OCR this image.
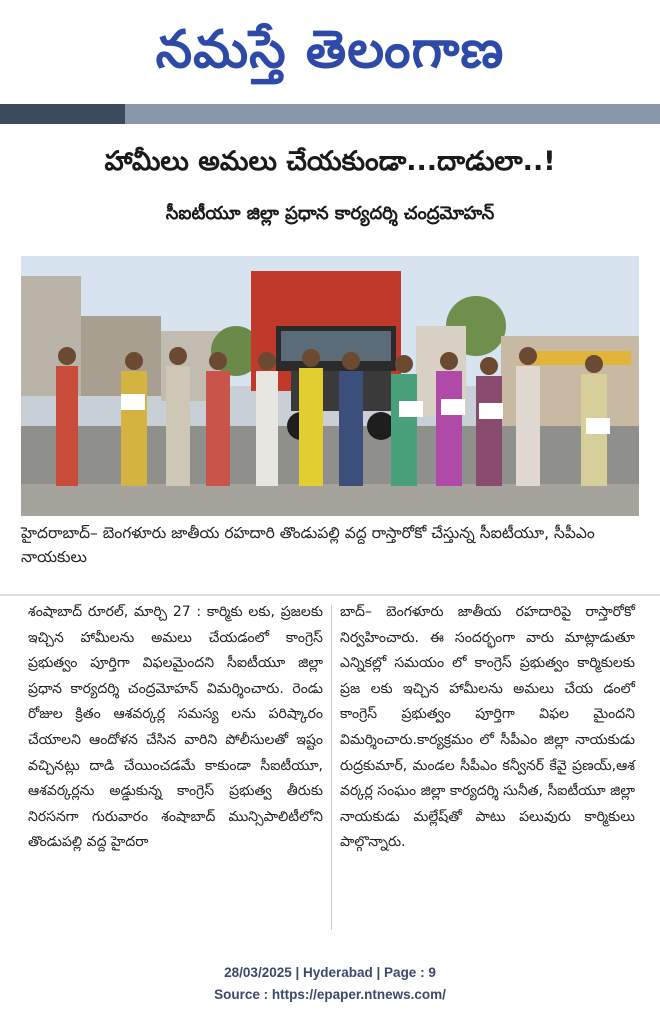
నమస్తే తెలంగాణ
హామీలు అమలు చేయకుండా...దాడులా..!
సీఐటీయూ జిల్లా ప్రధాన కార్యదర్శి చంద్రమోహన్
హైదరాబాద్– బెంగళూరు జాతీయ రహదారి తొండుపల్లి వద్ద రాస్తారోకో చేస్తున్న సీఐటీయూ, సీపీఎం నాయకులు
శంషాబాద్ రూరల్, మార్చి 27 : కార్మికు లకు, ప్రజలకు ఇచ్చిన హామీలను అమలు చేయడంలో కాంగ్రెస్ ప్రభుత్వం పూర్తిగా విఫలమైందని సీఐటీయూ జిల్లా ప్రధాన కార్యదర్శి చంద్రమోహన్ విమర్శించారు. రెండు రోజుల క్రితం ఆశవర్కర్ల సమస్య లను పరిష్కారం చేయాలని ఆందోళన చేసిన వారిని పోలీసులతో ఇష్టం వచ్చినట్లు దాడి చేయించడమే కాకుండా సీఐటీయూ, ఆశవర్కర్లను అడ్డుకున్న కాంగ్రెస్ ప్రభుత్వ తీరుకు నిరసనగా గురువారం శంషాబాద్ మున్సిపాలిటీలోని తొండుపల్లి వద్ద హైదరా
బాద్– బెంగళూరు జాతీయ రహదారిపై రాస్తారోకో నిర్వహించారు. ఈ సందర్భంగా వారు మాట్లాడుతూ ఎన్నికల్లో సమయం లో కాంగ్రెస్ ప్రభుత్వం కార్మికులకు ప్రజ లకు ఇచ్చిన హామీలను అమలు చేయ డంలో కాంగ్రెస్ ప్రభుత్వం పూర్తిగా విఫల మైందని విమర్శించారు.కార్యక్రమం లో సీపీఎం జిల్లా నాయకుడు రుద్రకుమార్, మండల సీపీఎం కన్వీనర్ కేవై ప్రణయ్,ఆశ వర్కర్ల సంఘం జిల్లా కార్యదర్శి సునీత, సీఐటీయూ జిల్లా నాయకుడు మల్లేష్‌తో పాటు పలువురు కార్మికులు పాల్గొన్నారు.
28/03/2025 | Hyderabad | Page : 9
Source : https://epaper.ntnews.com/
